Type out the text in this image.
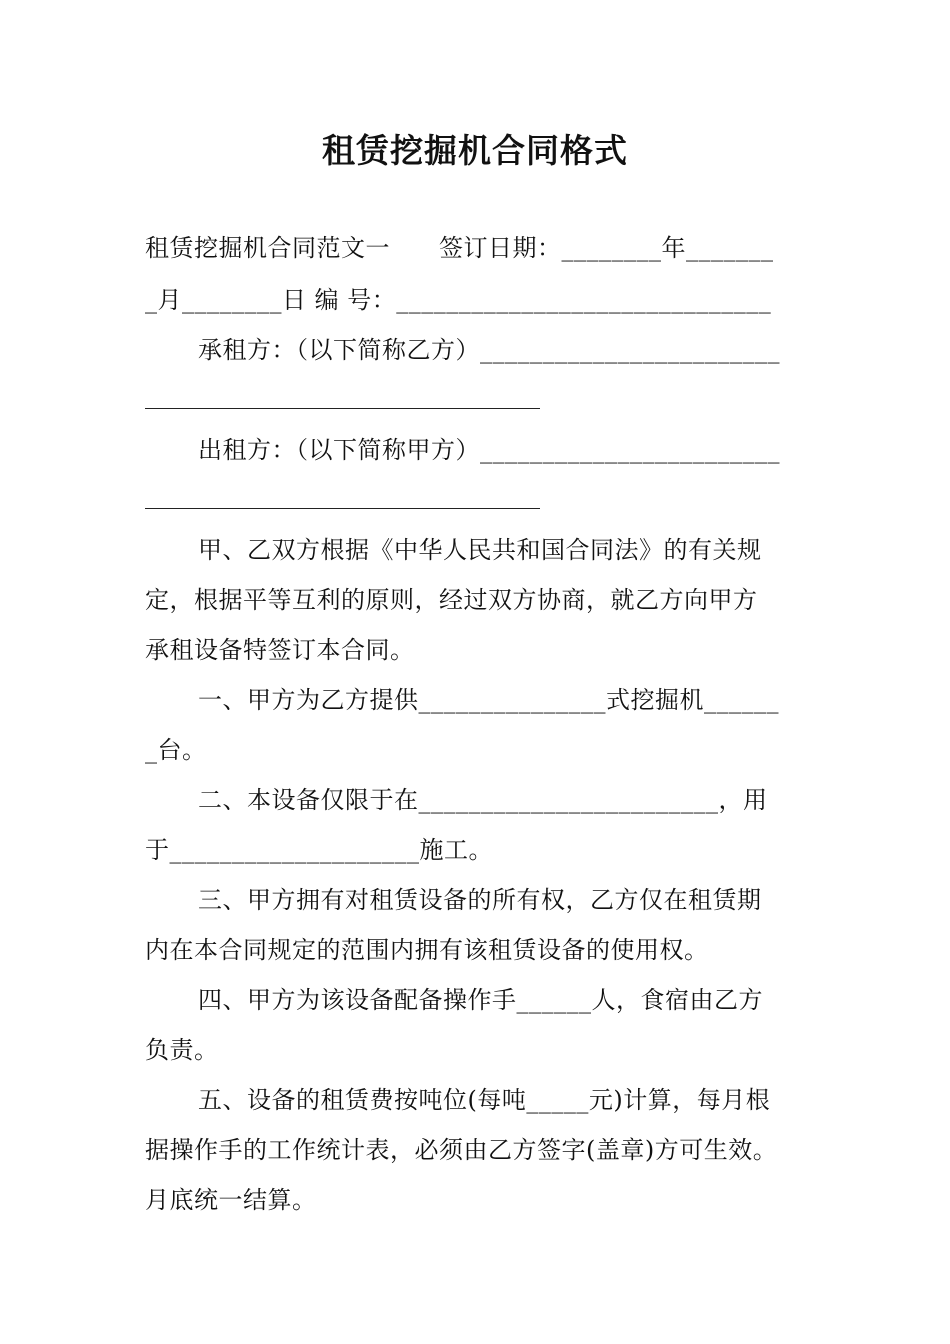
租赁挖掘机合同格式
租赁挖掘机合同范文一　　签订日期：________年_______
_月________日 编 号：______________________________
承租方：（以下简称乙方）________________________
出租方：（以下简称甲方）________________________
甲、乙双方根据《中华人民共和国合同法》的有关规
定，根据平等互利的原则，经过双方协商，就乙方向甲方
承租设备特签订本合同。
一、甲方为乙方提供_______________式挖掘机______
_台。
二、本设备仅限于在________________________，用
于____________________施工。
三、甲方拥有对租赁设备的所有权，乙方仅在租赁期
内在本合同规定的范围内拥有该租赁设备的使用权。
四、甲方为该设备配备操作手______人，食宿由乙方
负责。
五、设备的租赁费按吨位(每吨_____元)计算，每月根
据操作手的工作统计表，必须由乙方签字(盖章)方可生效。
月底统一结算。
